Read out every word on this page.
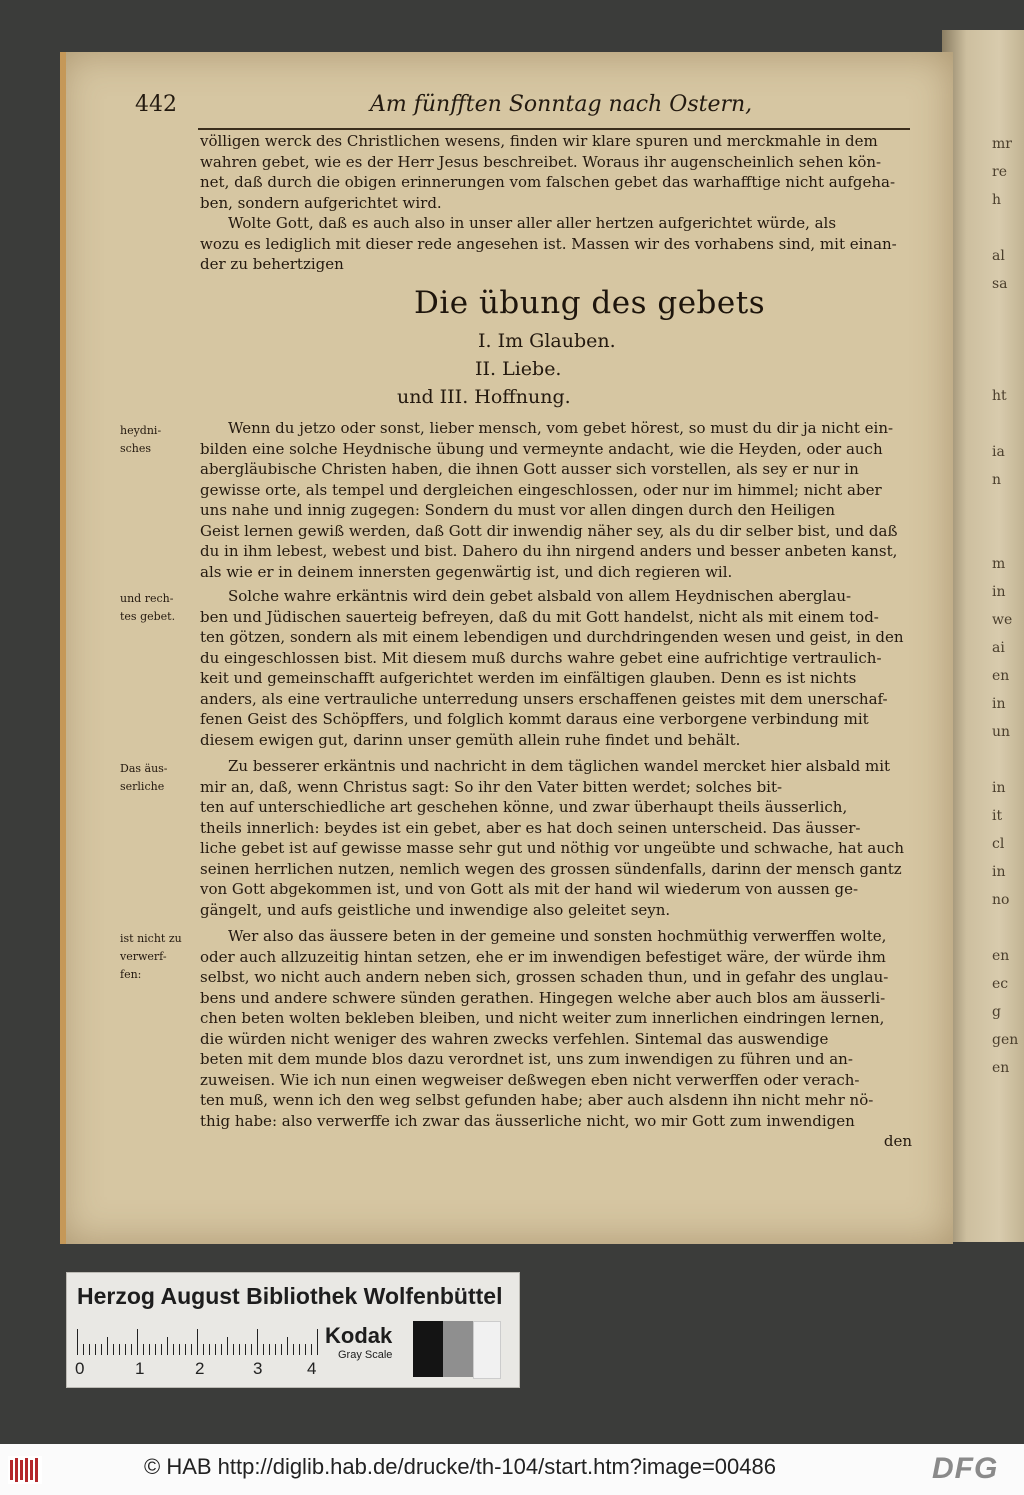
mr
re
h

al
sa

ht

ia
n

m
in
we
ai
en
in
un

in
it
cl
in
no

en
ec
g
gen
en
442	Am fünfften Sonntag nach Ostern,
völligen werck des Christlichen wesens, finden wir klare spuren und merckmahle in dem
wahren gebet, wie es der Herr Jesus beschreibet. Woraus ihr augenscheinlich sehen kön-
net, daß durch die obigen erinnerungen vom falschen gebet das warhafftige nicht aufgeha-
ben, sondern aufgerichtet wird.
Wolte Gott, daß es auch also in unser aller aller hertzen aufgerichtet würde, als
wozu es lediglich mit dieser rede angesehen ist. Massen wir des vorhabens sind, mit einan-
der zu behertzigen
Die übung des gebets
I. Im Glauben.
II. Liebe.
und III. Hoffnung.
heydni-
sches
Wenn du jetzo oder sonst, lieber mensch, vom gebet hörest, so must du dir ja nicht ein-
bilden eine solche Heydnische übung und vermeynte andacht, wie die Heyden, oder auch
abergläubische Christen haben, die ihnen Gott ausser sich vorstellen, als sey er nur in
gewisse orte, als tempel und dergleichen eingeschlossen, oder nur im himmel; nicht aber
uns nahe und innig zugegen: Sondern du must vor allen dingen durch den Heiligen
Geist lernen gewiß werden, daß Gott dir inwendig näher sey, als du dir selber bist, und daß
du in ihm lebest, webest und bist. Dahero du ihn nirgend anders und besser anbeten kanst,
als wie er in deinem innersten gegenwärtig ist, und dich regieren wil.
und rech-
tes gebet.
Solche wahre erkäntnis wird dein gebet alsbald von allem Heydnischen aberglau-
ben und Jüdischen sauerteig befreyen, daß du mit Gott handelst, nicht als mit einem tod-
ten götzen, sondern als mit einem lebendigen und durchdringenden wesen und geist, in den
du eingeschlossen bist. Mit diesem muß durchs wahre gebet eine aufrichtige vertraulich-
keit und gemeinschafft aufgerichtet werden im einfältigen glauben. Denn es ist nichts
anders, als eine vertrauliche unterredung unsers erschaffenen geistes mit dem unerschaf-
fenen Geist des Schöpffers, und folglich kommt daraus eine verborgene verbindung mit
diesem ewigen gut, darinn unser gemüth allein ruhe findet und behält.
Das äus-
serliche
Zu besserer erkäntnis und nachricht in dem täglichen wandel mercket hier alsbald mit
mir an, daß, wenn Christus sagt: So ihr den Vater bitten werdet; solches bit-
ten auf unterschiedliche art geschehen könne, und zwar überhaupt theils äusserlich,
theils innerlich: beydes ist ein gebet, aber es hat doch seinen unterscheid. Das äusser-
liche gebet ist auf gewisse masse sehr gut und nöthig vor ungeübte und schwache, hat auch
seinen herrlichen nutzen, nemlich wegen des grossen sündenfalls, darinn der mensch gantz
von Gott abgekommen ist, und von Gott als mit der hand wil wiederum von aussen ge-
gängelt, und aufs geistliche und inwendige also geleitet seyn.
ist nicht zu
verwerf-
fen:
Wer also das äussere beten in der gemeine und sonsten hochmüthig verwerffen wolte,
oder auch allzuzeitig hintan setzen, ehe er im inwendigen befestiget wäre, der würde ihm
selbst, wo nicht auch andern neben sich, grossen schaden thun, und in gefahr des unglau-
bens und andere schwere sünden gerathen. Hingegen welche aber auch blos am äusserli-
chen beten wolten bekleben bleiben, und nicht weiter zum innerlichen eindringen lernen,
die würden nicht weniger des wahren zwecks verfehlen. Sintemal das auswendige
beten mit dem munde blos dazu verordnet ist, uns zum inwendigen zu führen und an-
zuweisen. Wie ich nun einen wegweiser deßwegen eben nicht verwerffen oder verach-
ten muß, wenn ich den weg selbst gefunden habe; aber auch alsdenn ihn nicht mehr nö-
thig habe: also verwerffe ich zwar das äusserliche nicht, wo mir Gott zum inwendigen
den
Herzog August Bibliothek Wolfenbüttel
0	1	2	3	4
Kodak
Gray Scale
© HAB http://diglib.hab.de/drucke/th-104/start.htm?image=00486	DFG
